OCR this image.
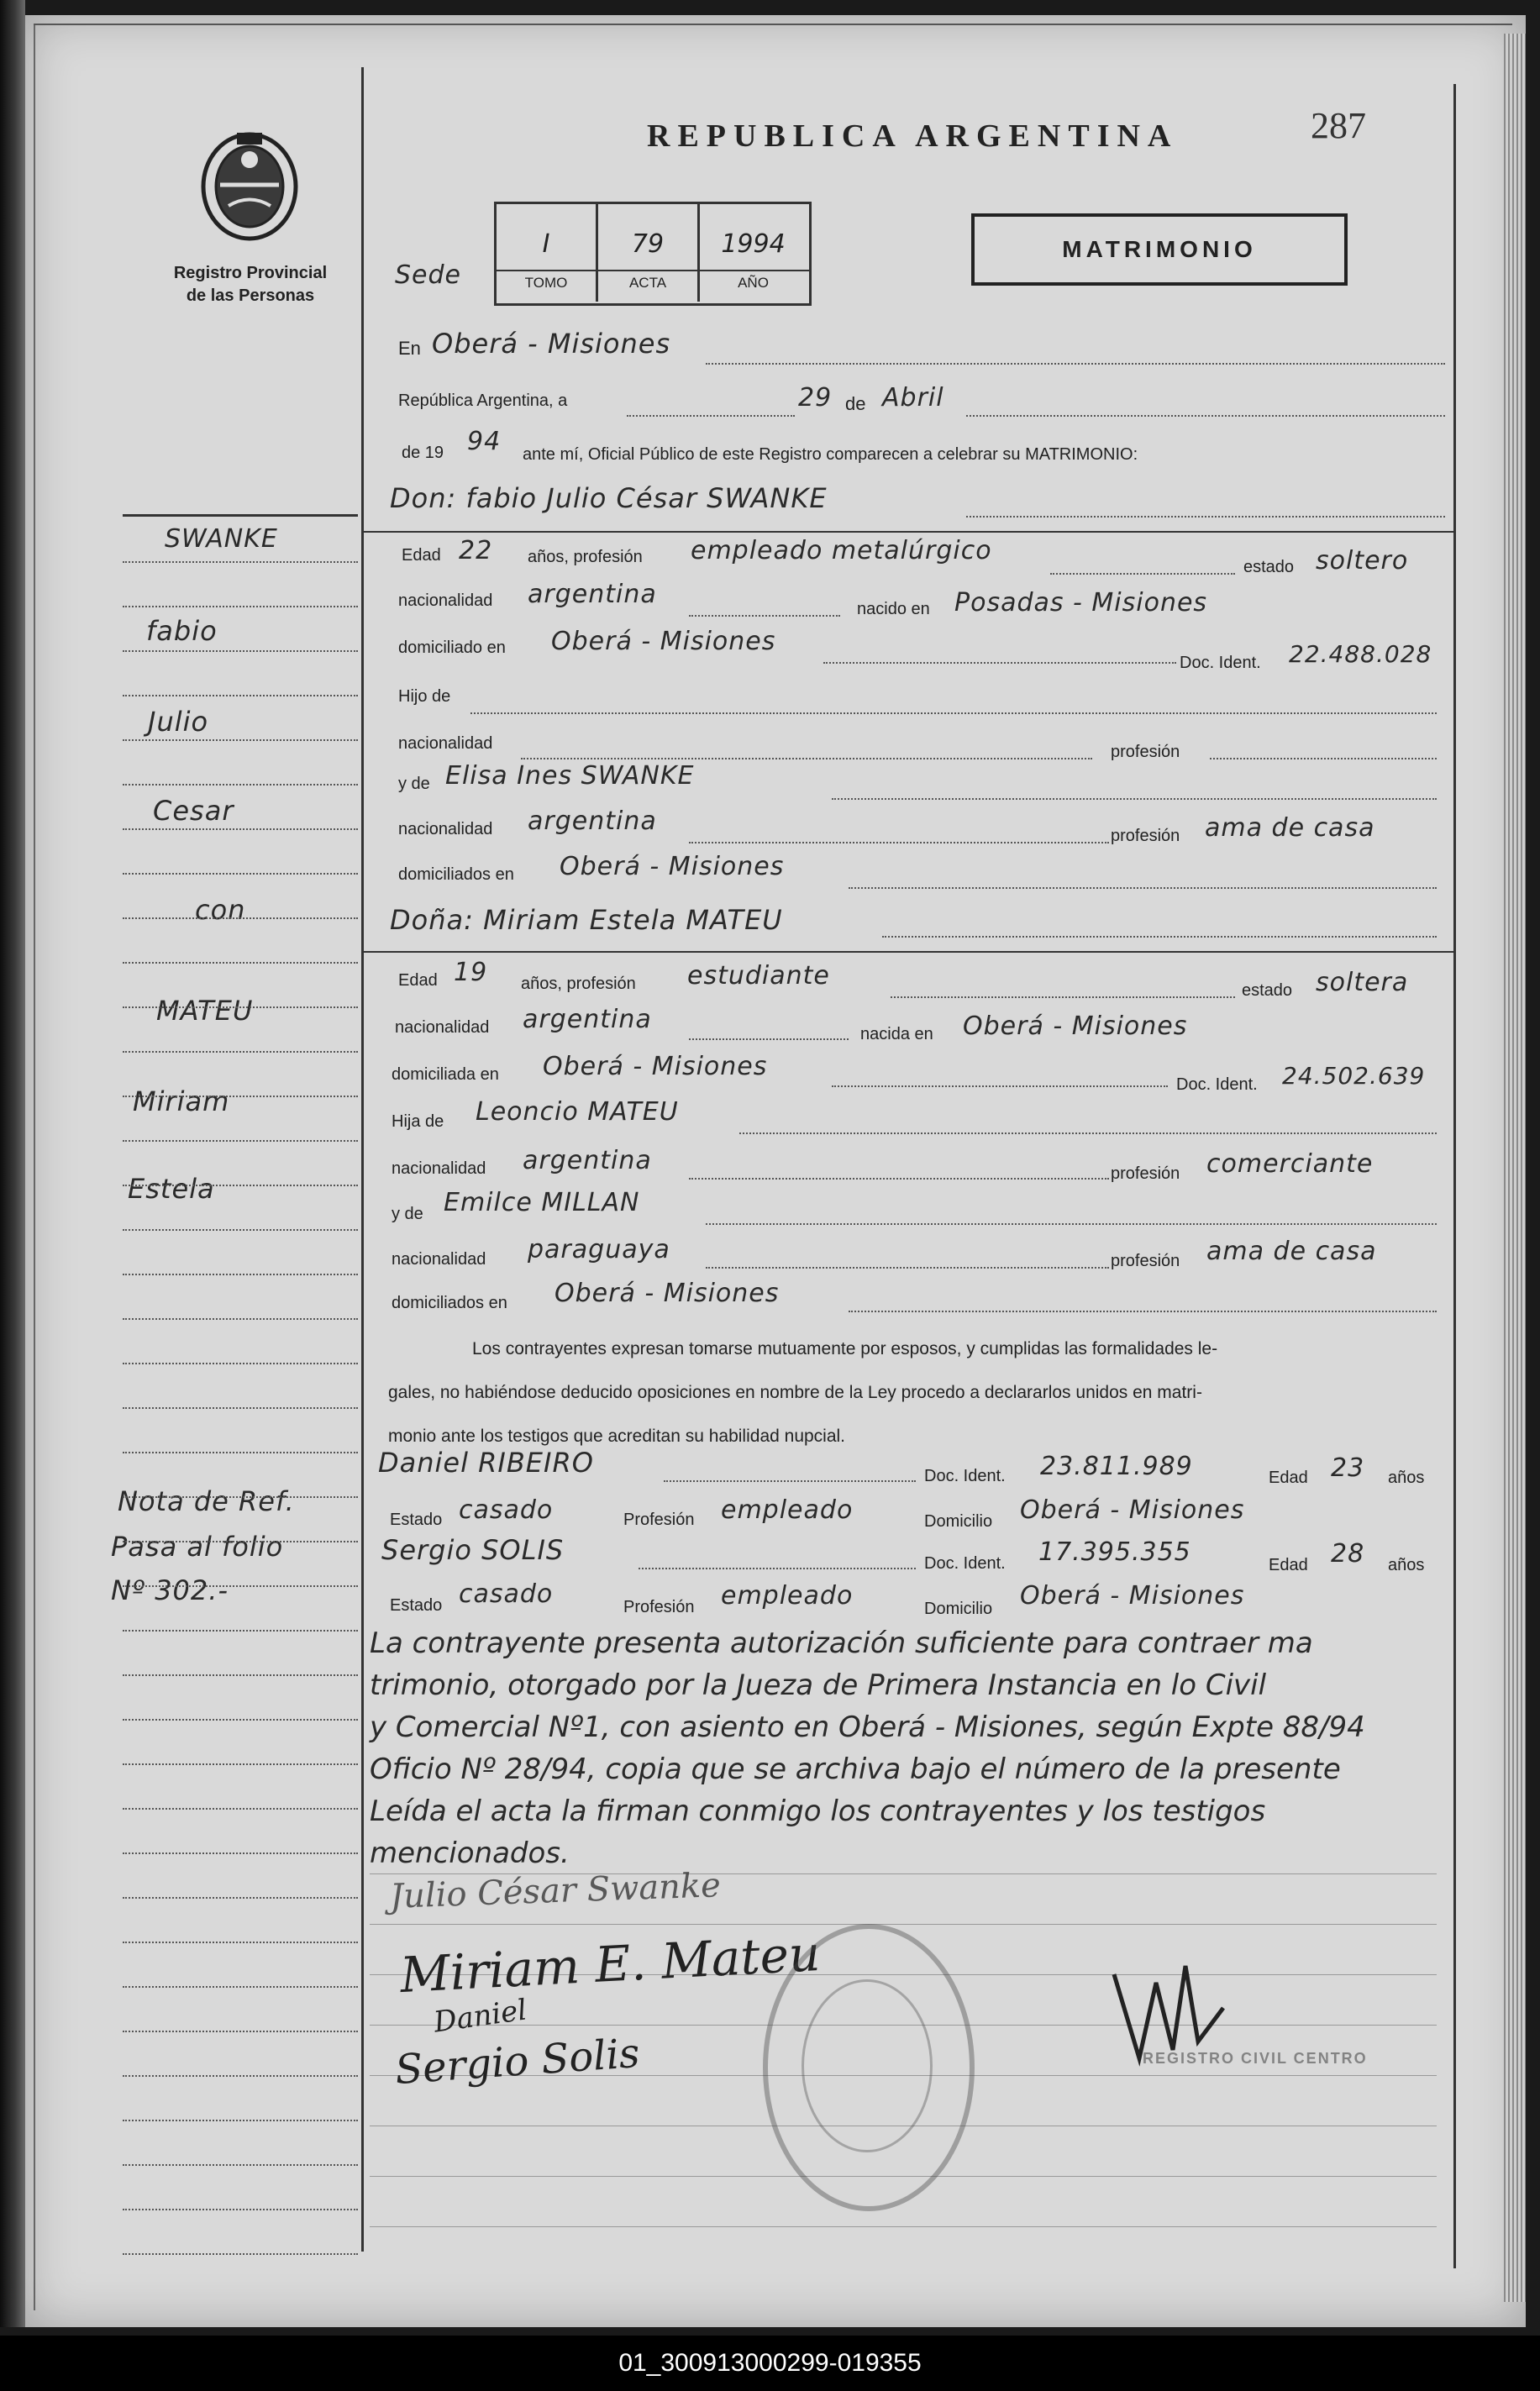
Registro Provincial
de las Personas
REPUBLICA ARGENTINA	287
Sede
I
TOMO
79
ACTA
1994
AÑO
MATRIMONIO
En Oberá - Misiones
República Argentina, a	29 de Abril
de 19 94 ante mí, Oficial Público de este Registro comparecen a celebrar su MATRIMONIO:
Don: fabio Julio César SWANKE
Edad 22 años, profesión empleado metalúrgico
estado soltero
nacionalidad argentina	nacido en Posadas - Misiones
domiciliado en Oberá - Misiones
Doc. Ident. 22.488.028
Hijo de
nacionalidad	profesión
y de Elisa Ines SWANKE
nacionalidad argentina	profesión ama de casa
domiciliados en Oberá - Misiones
Doña: Miriam Estela MATEU
Edad 19 años, profesión estudiante	estado soltera
nacionalidad argentina	nacida en Oberá - Misiones
domiciliada en Oberá - Misiones
Doc. Ident. 24.502.639
Hija de Leoncio MATEU
nacionalidad argentina	profesión comerciante
y de Emilce MILLAN
nacionalidad paraguaya	profesión ama de casa
domiciliados en Oberá - Misiones
Los contrayentes expresan tomarse mutuamente por esposos, y cumplidas las formalidades le-
gales, no habiéndose deducido oposiciones en nombre de la Ley procedo a declararlos unidos en matri-
monio ante los testigos que acreditan su habilidad nupcial.
Daniel RIBEIRO	Doc. Ident. 23.811.989	Edad 23 años
Estado casado	Profesión empleado	Domicilio Oberá - Misiones
Sergio SOLIS	Doc. Ident. 17.395.355	Edad 28 años
Estado casado	Profesión empleado	Domicilio Oberá - Misiones
La contrayente presenta autorización suficiente para contraer ma
trimonio, otorgado por la Jueza de Primera Instancia en lo Civil
y Comercial Nº1, con asiento en Oberá - Misiones, según Expte 88/94
Oficio Nº 28/94, copia que se archiva bajo el número de la presente
Leída el acta la firman conmigo los contrayentes y los testigos
mencionados.
Julio César Swanke
Miriam E. Mateu
Daniel
Sergio Solis	REGISTRO CIVIL CENTRO
SWANKE
fabio
Julio
Cesar
con
MATEU
Miriam
Estela
Nota de Ref.
Pasa al folio
Nº 302.-
01_300913000299-019355
